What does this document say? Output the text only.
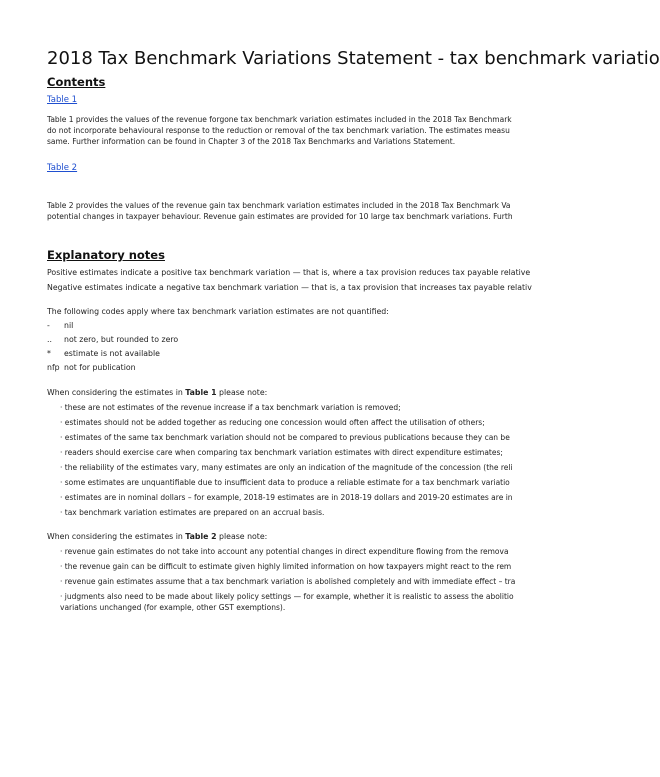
2018 Tax Benchmark Variations Statement - tax benchmark variatio
Contents
Table 1
Table 1 provides the values of the revenue forgone tax benchmark variation estimates included in the 2018 Tax Benchmark
do not incorporate behavioural response to the reduction or removal of the tax benchmark variation. The estimates measu
same. Further information can be found in Chapter 3 of the 2018 Tax Benchmarks and Variations Statement.
Table 2
Table 2 provides the values of the revenue gain tax benchmark variation estimates included in the 2018 Tax Benchmark Va
potential changes in taxpayer behaviour. Revenue gain estimates are provided for 10 large tax benchmark variations. Furth
Explanatory notes
Positive estimates indicate a positive tax benchmark variation — that is, where a tax provision reduces tax payable relative
Negative estimates indicate a negative tax benchmark variation — that is, a tax provision that increases tax payable relativ
The following codes apply where tax benchmark variation estimates are not quantified:
- nil
.. not zero, but rounded to zero
* estimate is not available
nfp not for publication
When considering the estimates in Table 1 please note:
· these are not estimates of the revenue increase if a tax benchmark variation is removed;
· estimates should not be added together as reducing one concession would often affect the utilisation of others;
· estimates of the same tax benchmark variation should not be compared to previous publications because they can be
· readers should exercise care when comparing tax benchmark variation estimates with direct expenditure estimates;
· the reliability of the estimates vary, many estimates are only an indication of the magnitude of the concession (the reli
· some estimates are unquantifiable due to insufficient data to produce a reliable estimate for a tax benchmark variatio
· estimates are in nominal dollars – for example, 2018-19 estimates are in 2018-19 dollars and 2019-20 estimates are in
· tax benchmark variation estimates are prepared on an accrual basis.
When considering the estimates in Table 2 please note:
· revenue gain estimates do not take into account any potential changes in direct expenditure flowing from the remova
· the revenue gain can be difficult to estimate given highly limited information on how taxpayers might react to the rem
· revenue gain estimates assume that a tax benchmark variation is abolished completely and with immediate effect – tra
· judgments also need to be made about likely policy settings — for example, whether it is realistic to assess the abolitio
variations unchanged (for example, other GST exemptions).
